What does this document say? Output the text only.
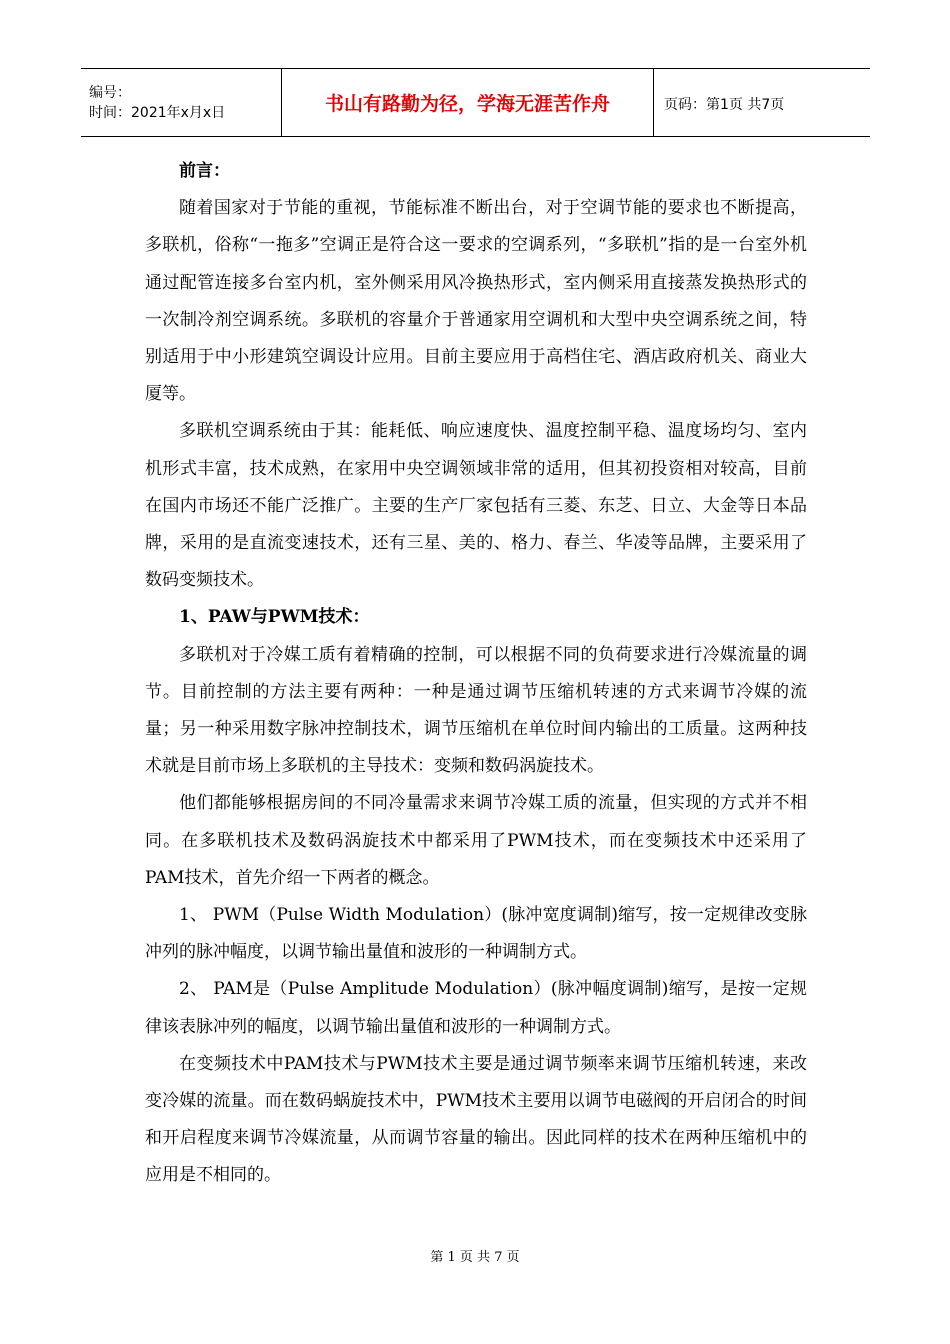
编号：
时间：2021年x月x日	书山有路勤为径，学海无涯苦作舟	页码：第1页 共7页

前言：

随着国家对于节能的重视，节能标准不断出台，对于空调节能的要求也不断提高，多联机，俗称“一拖多”空调正是符合这一要求的空调系列，“多联机”指的是一台室外机通过配管连接多台室内机，室外侧采用风冷换热形式，室内侧采用直接蒸发换热形式的一次制冷剂空调系统。多联机的容量介于普通家用空调机和大型中央空调系统之间，特别适用于中小形建筑空调设计应用。目前主要应用于高档住宅、酒店政府机关、商业大厦等。

多联机空调系统由于其：能耗低、响应速度快、温度控制平稳、温度场均匀、室内机形式丰富，技术成熟，在家用中央空调领域非常的适用，但其初投资相对较高，目前在国内市场还不能广泛推广。主要的生产厂家包括有三菱、东芝、日立、大金等日本品牌，采用的是直流变速技术，还有三星、美的、格力、春兰、华凌等品牌，主要采用了数码变频技术。

1、PAW与PWM技术：

多联机对于冷媒工质有着精确的控制，可以根据不同的负荷要求进行冷媒流量的调节。目前控制的方法主要有两种：一种是通过调节压缩机转速的方式来调节冷媒的流量；另一种采用数字脉冲控制技术，调节压缩机在单位时间内输出的工质量。这两种技术就是目前市场上多联机的主导技术：变频和数码涡旋技术。

他们都能够根据房间的不同冷量需求来调节冷媒工质的流量，但实现的方式并不相同。在多联机技术及数码涡旋技术中都采用了PWM技术，而在变频技术中还采用了PAM技术，首先介绍一下两者的概念。

1、 PWM（Pulse Width Modulation）(脉冲宽度调制)缩写，按一定规律改变脉冲列的脉冲幅度，以调节输出量值和波形的一种调制方式。

2、 PAM是（Pulse Amplitude Modulation）(脉冲幅度调制)缩写，是按一定规律该表脉冲列的幅度，以调节输出量值和波形的一种调制方式。

在变频技术中PAM技术与PWM技术主要是通过调节频率来调节压缩机转速，来改变冷媒的流量。而在数码蜗旋技术中，PWM技术主要用以调节电磁阀的开启闭合的时间和开启程度来调节冷媒流量，从而调节容量的输出。因此同样的技术在两种压缩机中的应用是不相同的。

第 1 页 共 7 页
